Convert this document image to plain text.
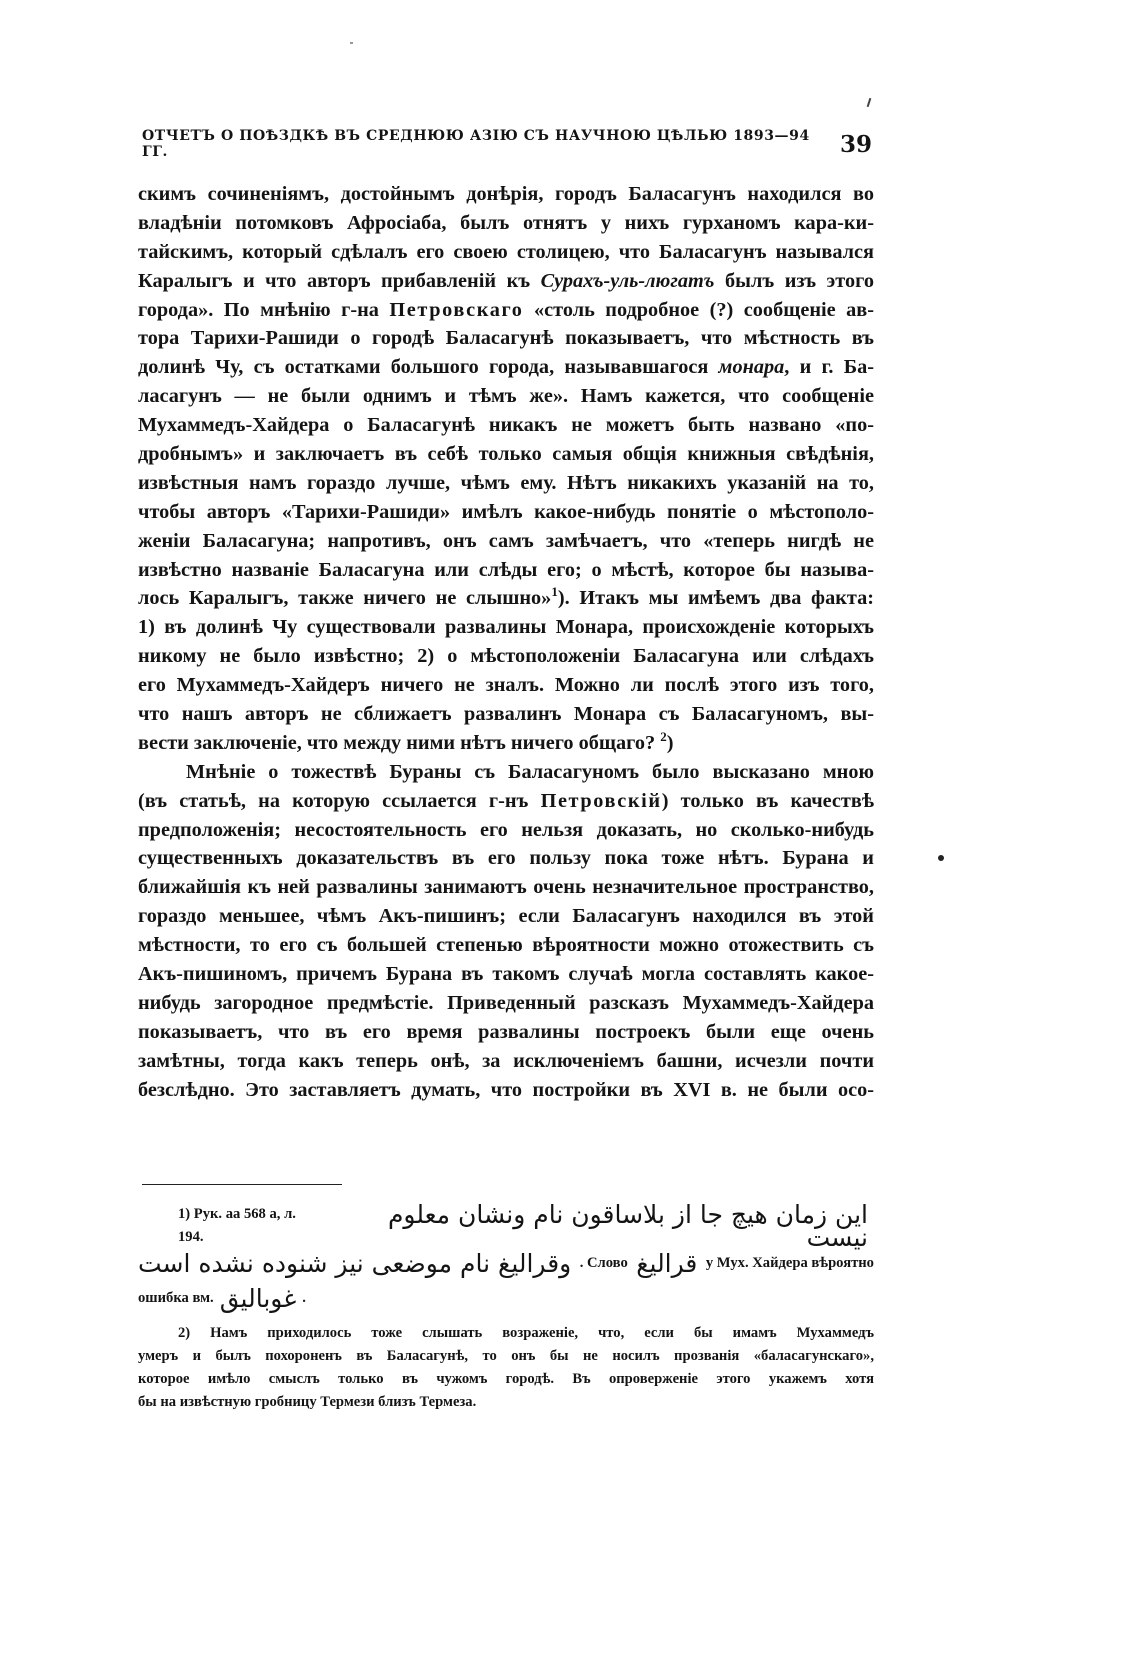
ОТЧЕТЪ О ПОѢЗДКѢ ВЪ СРЕДНЮЮ АЗІЮ СЪ НАУЧНОЮ ЦѢЛЬЮ 1893—94 ГГ.	39
скимъ сочиненіямъ, достойнымъ донѣрія, городъ Баласагунъ находился во
владѣніи потомковъ Афросіаба, былъ отнятъ у нихъ гурханомъ кара-ки-
тайскимъ, который сдѣлалъ его своею столицею, что Баласагунъ назывался
Каралыгъ и что авторъ прибавленій къ Сурахъ-уль-люгатъ былъ изъ этого
города». По мнѣнію г-на Петровскаго «столь подробное (?) сообщеніе ав-
тора Тарихи-Рашиди о городѣ Баласагунѣ показываетъ, что мѣстность въ
долинѣ Чу, съ остатками большого города, называвшагося монара, и г. Ба-
ласагунъ — не были однимъ и тѣмъ же». Намъ кажется, что сообщеніе
Мухаммедъ-Хайдера о Баласагунѣ никакъ не можетъ быть названо «по-
дробнымъ» и заключаетъ въ себѣ только самыя общія книжныя свѣдѣнія,
извѣстныя намъ гораздо лучше, чѣмъ ему. Нѣтъ никакихъ указаній на то,
чтобы авторъ «Тарихи-Рашиди» имѣлъ какое-нибудь понятіе о мѣстополо-
женіи Баласагуна; напротивъ, онъ самъ замѣчаетъ, что «теперь нигдѣ не
извѣстно названіе Баласагуна или слѣды его; о мѣстѣ, которое бы называ-
лось Каралыгъ, также ничего не слышно»$^1$). Итакъ мы имѣемъ два факта:
1) въ долинѣ Чу существовали развалины Монара, происхожденіе которыхъ
никому не было извѣстно; 2) о мѣстоположеніи Баласагуна или слѣдахъ
его Мухаммедъ-Хайдеръ ничего не зналъ. Можно ли послѣ этого изъ того,
что нашъ авторъ не сближаетъ развалинъ Монара съ Баласагуномъ, вы-
вести заключеніе, что между ними нѣтъ ничего общаго? $^2$)
Мнѣніе о тожествѣ Бураны съ Баласагуномъ было высказано мною
(въ статьѣ, на которую ссылается г-нъ Петровскій) только въ качествѣ
предположенія; несостоятельность его нельзя доказать, но сколько-нибудь
существенныхъ доказательствъ въ его пользу пока тоже нѣтъ. Бурана и
ближайшія къ ней развалины занимаютъ очень незначительное пространство,
гораздо меньшее, чѣмъ Акъ-пишинъ; если Баласагунъ находился въ этой
мѣстности, то его съ большей степенью вѣроятности можно отожествить съ
Акъ-пишиномъ, причемъ Бурана въ такомъ случаѣ могла составлять какое-
нибудь загородное предмѣстіе. Приведенный разсказъ Мухаммедъ-Хайдера
показываетъ, что въ его время развалины построекъ были еще очень
замѣтны, тогда какъ теперь онѣ, за исключеніемъ башни, исчезли почти
безслѣдно. Это заставляетъ думать, что постройки въ XVI в. не были осо-
1) Рук. аа 568 а, л. 194.
این زمان هیچ جا از بلاساقون نام ونشان معلوم نیست
وقرالیغ نام موضعی نیز شنوده نشده است . Слово قرالیغ у Мух. Хайдера вѣроятно
ошибка вм. غوبالیق .
2) Намъ приходилось тоже слышать возраженіе, что, если бы имамъ Мухаммедъ
умеръ и былъ похороненъ въ Баласагунѣ, то онъ бы не носилъ прозванія «баласагунскаго»,
которое имѣло смыслъ только въ чужомъ городѣ. Въ опроверженіе этого укажемъ хотя
бы на извѣстную гробницу Термези близъ Термеза.
